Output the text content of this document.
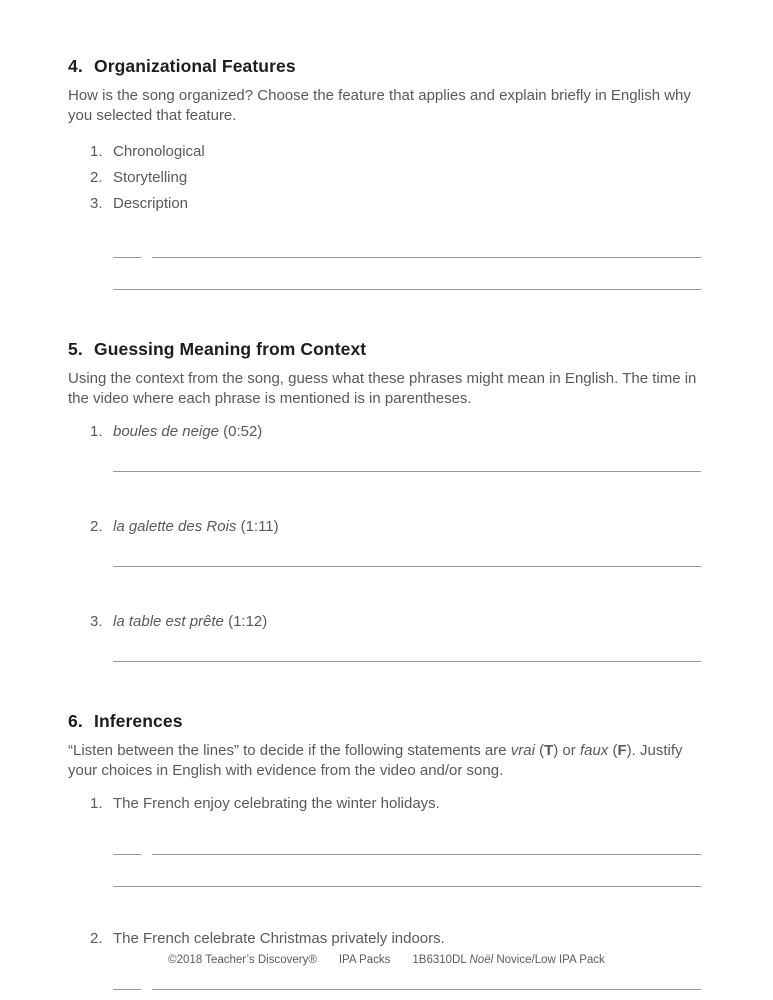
4. Organizational Features

How is the song organized? Choose the feature that applies and explain briefly in English why you selected that feature.

1. Chronological
2. Storytelling
3. Description
5. Guessing Meaning from Context

Using the context from the song, guess what these phrases might mean in English. The time in the video where each phrase is mentioned is in parentheses.

1. boules de neige (0:52)
2. la galette des Rois (1:11)
3. la table est prête (1:12)
6. Inferences

“Listen between the lines” to decide if the following statements are vrai (T) or faux (F). Justify your choices in English with evidence from the video and/or song.

1. The French enjoy celebrating the winter holidays.
2. The French celebrate Christmas privately indoors.
©2018 Teacher’s Discovery® IPA Packs 1B6310DL Noël Novice/Low IPA Pack
